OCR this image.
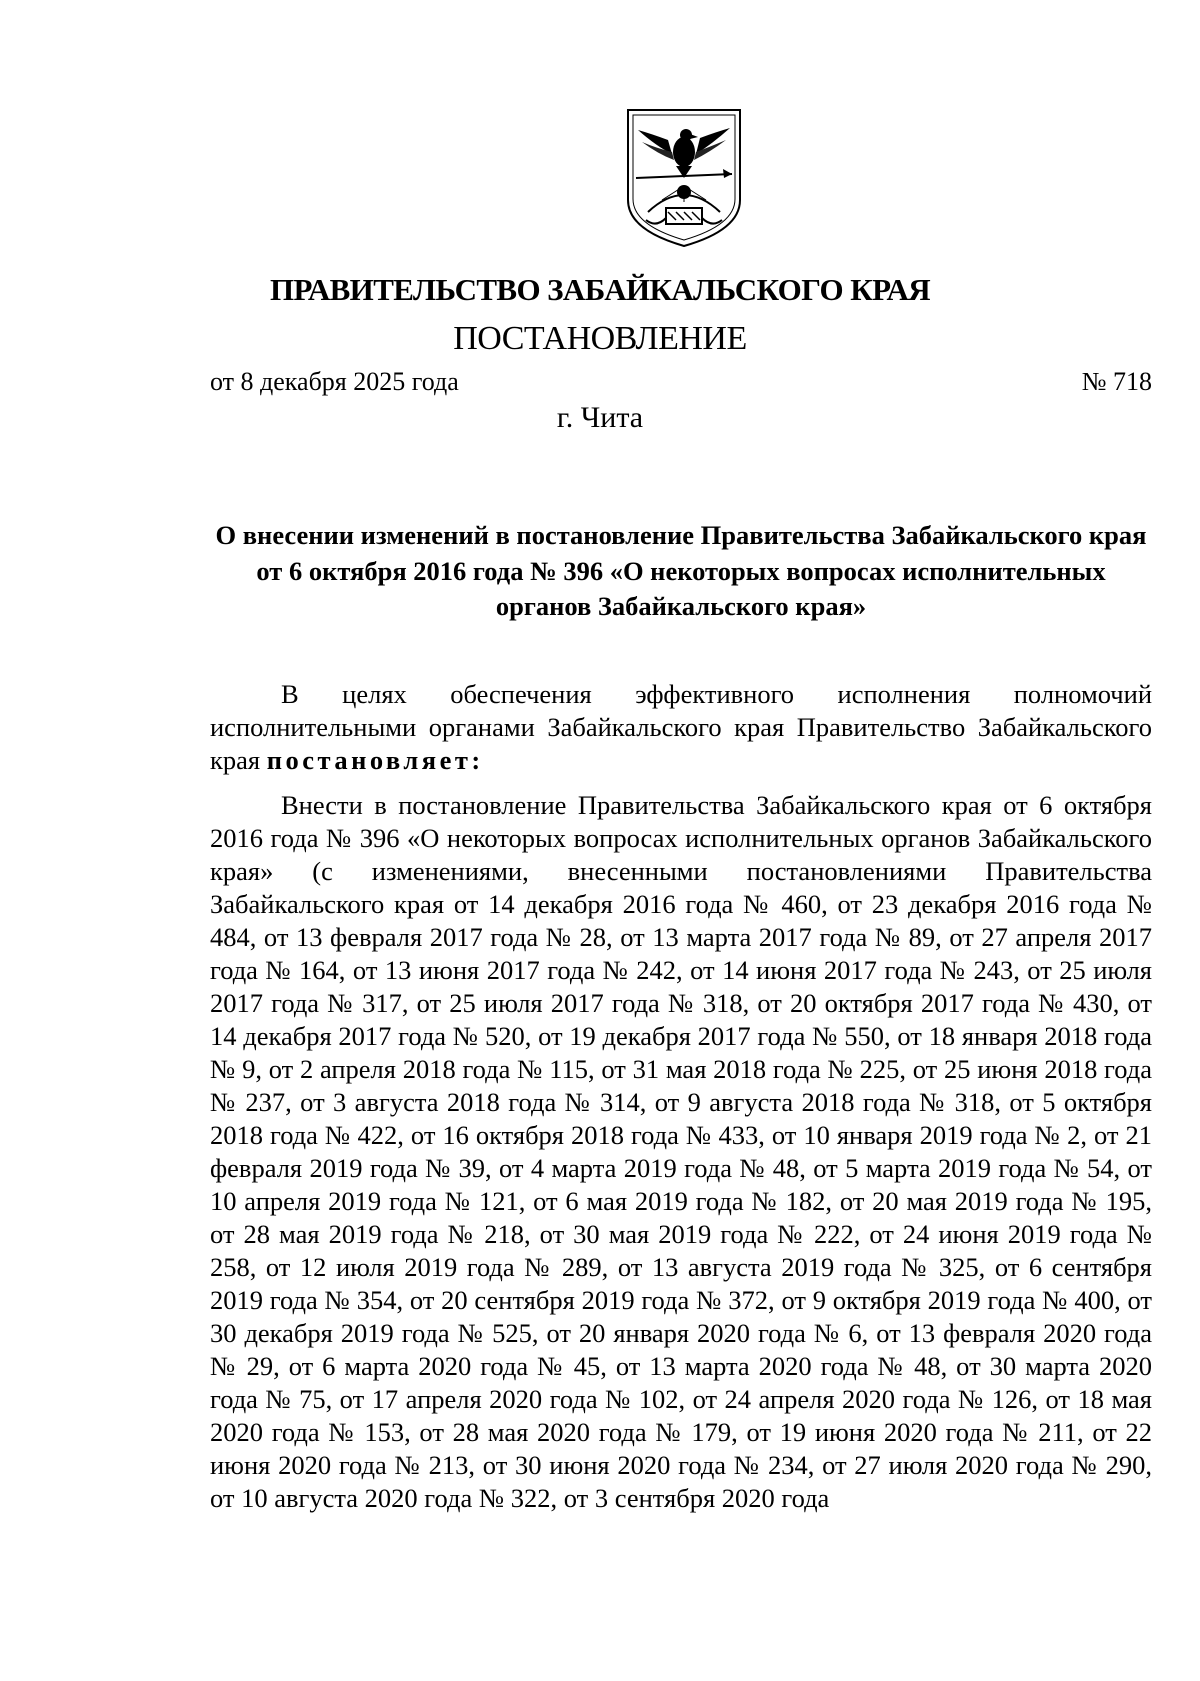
ПРАВИТЕЛЬСТВО ЗАБАЙКАЛЬСКОГО КРАЯ
ПОСТАНОВЛЕНИЕ
от 8 декабря 2025 года	№ 718
г. Чита
О внесении изменений в постановление Правительства Забайкальского края от 6 октября 2016 года № 396 «О некоторых вопросах исполнительных органов Забайкальского края»

В целях обеспечения эффективного исполнения полномочий исполнительными органами Забайкальского края Правительство Забайкальского края постановляет:

Внести в постановление Правительства Забайкальского края от 6 октября 2016 года № 396 «О некоторых вопросах исполнительных органов Забайкальского края» (с изменениями, внесенными постановлениями Правительства Забайкальского края от 14 декабря 2016 года № 460, от 23 декабря 2016 года № 484, от 13 февраля 2017 года № 28, от 13 марта 2017 года № 89, от 27 апреля 2017 года № 164, от 13 июня 2017 года № 242, от 14 июня 2017 года № 243, от 25 июля 2017 года № 317, от 25 июля 2017 года № 318, от 20 октября 2017 года № 430, от 14 декабря 2017 года № 520, от 19 декабря 2017 года № 550, от 18 января 2018 года № 9, от 2 апреля 2018 года № 115, от 31 мая 2018 года № 225, от 25 июня 2018 года № 237, от 3 августа 2018 года № 314, от 9 августа 2018 года № 318, от 5 октября 2018 года № 422, от 16 октября 2018 года № 433, от 10 января 2019 года № 2, от 21 февраля 2019 года № 39, от 4 марта 2019 года № 48, от 5 марта 2019 года № 54, от 10 апреля 2019 года № 121, от 6 мая 2019 года № 182, от 20 мая 2019 года № 195, от 28 мая 2019 года № 218, от 30 мая 2019 года № 222, от 24 июня 2019 года № 258, от 12 июля 2019 года № 289, от 13 августа 2019 года № 325, от 6 сентября 2019 года № 354, от 20 сентября 2019 года № 372, от 9 октября 2019 года № 400, от 30 декабря 2019 года № 525, от 20 января 2020 года № 6, от 13 февраля 2020 года № 29, от 6 марта 2020 года № 45, от 13 марта 2020 года № 48, от 30 марта 2020 года № 75, от 17 апреля 2020 года № 102, от 24 апреля 2020 года № 126, от 18 мая 2020 года № 153, от 28 мая 2020 года № 179, от 19 июня 2020 года № 211, от 22 июня 2020 года № 213, от 30 июня 2020 года № 234, от 27 июля 2020 года № 290, от 10 августа 2020 года № 322, от 3 сентября 2020 года
